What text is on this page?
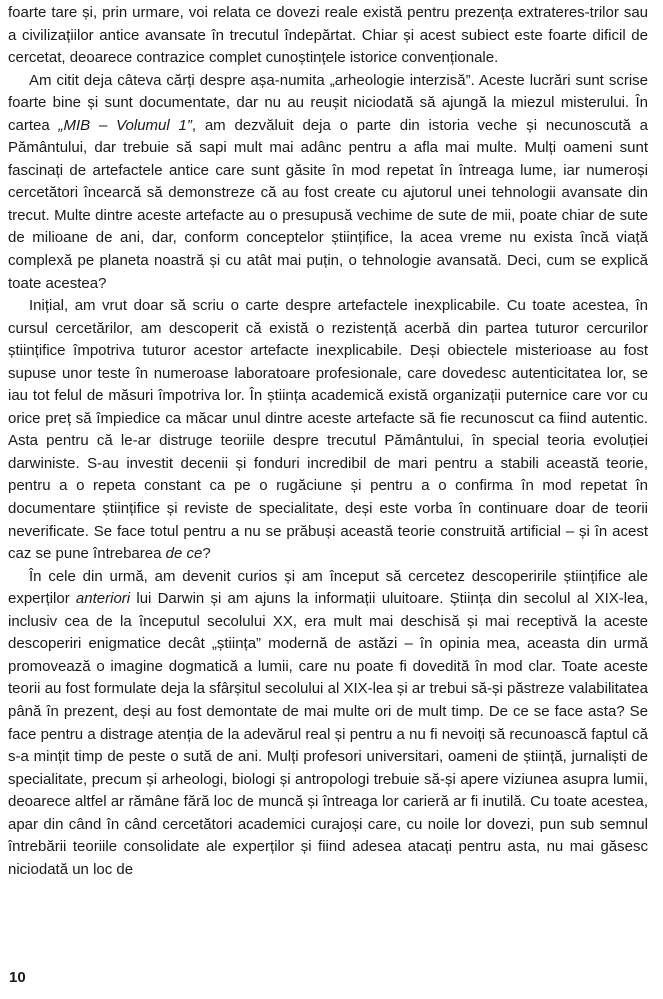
foarte tare și, prin urmare, voi relata ce dovezi reale există pentru prezența extrateres-trilor sau a civilizațiilor antice avansate în trecutul îndepărtat. Chiar și acest subiect este foarte dificil de cercetat, deoarece contrazice complet cunoștințele istorice convenționale.

Am citit deja câteva cărți despre așa-numita „arheologie interzisă”. Aceste lucrări sunt scrise foarte bine și sunt documentate, dar nu au reușit niciodată să ajungă la miezul misterului. În cartea „MIB – Volumul 1”, am dezvăluit deja o parte din istoria veche și necunoscută a Pământului, dar trebuie să sapi mult mai adânc pentru a afla mai multe. Mulți oameni sunt fascinați de artefactele antice care sunt găsite în mod repetat în întreaga lume, iar numeroși cercetători încearcă să demonstreze că au fost create cu ajutorul unei tehnologii avansate din trecut. Multe dintre aceste artefacte au o presupusă vechime de sute de mii, poate chiar de sute de milioane de ani, dar, conform conceptelor științifice, la acea vreme nu exista încă viață complexă pe planeta noastră și cu atât mai puțin, o tehnologie avansată. Deci, cum se explică toate acestea?

Inițial, am vrut doar să scriu o carte despre artefactele inexplicabile. Cu toate acestea, în cursul cercetărilor, am descoperit că există o rezistență acerbă din partea tuturor cercurilor științifice împotriva tuturor acestor artefacte inexplicabile. Deși obiectele misterioase au fost supuse unor teste în numeroase laboratoare profesionale, care dovedesc autenticitatea lor, se iau tot felul de măsuri împotriva lor. În știința academică există organizații puternice care vor cu orice preț să împiedice ca măcar unul dintre aceste artefacte să fie recunoscut ca fiind autentic. Asta pentru că le-ar distruge teoriile despre trecutul Pământului, în special teoria evoluției darwiniste. S-au investit decenii și fonduri incredibil de mari pentru a stabili această teorie, pentru a o repeta constant ca pe o rugăciune și pentru a o confirma în mod repetat în documentare științifice și reviste de specialitate, deși este vorba în continuare doar de teorii neverificate. Se face totul pentru a nu se prăbuși această teorie construită artificial – și în acest caz se pune întrebarea de ce?

În cele din urmă, am devenit curios și am început să cercetez descoperirile științifice ale experților anteriori lui Darwin și am ajuns la informații uluitoare. Știința din secolul al XIX-lea, inclusiv cea de la începutul secolului XX, era mult mai deschisă și mai receptivă la aceste descoperiri enigmatice decât „știința” modernă de astăzi – în opinia mea, aceasta din urmă promovează o imagine dogmatică a lumii, care nu poate fi dovedită în mod clar. Toate aceste teorii au fost formulate deja la sfârșitul secolului al XIX-lea și ar trebui să-și păstreze valabilitatea până în prezent, deși au fost demontate de mai multe ori de mult timp. De ce se face asta? Se face pentru a distrage atenția de la adevărul real și pentru a nu fi nevoiți să recunoască faptul că s-a mințit timp de peste o sută de ani. Mulți profesori universitari, oameni de știință, jurnaliști de specialitate, precum și arheologi, biologi și antropologi trebuie să-și apere viziunea asupra lumii, deoarece altfel ar rămâne fără loc de muncă și întreaga lor carieră ar fi inutilă. Cu toate acestea, apar din când în când cercetători academici curajoși care, cu noile lor dovezi, pun sub semnul întrebării teoriile consolidate ale experților și fiind adesea atacați pentru asta, nu mai găsesc niciodată un loc de

10
